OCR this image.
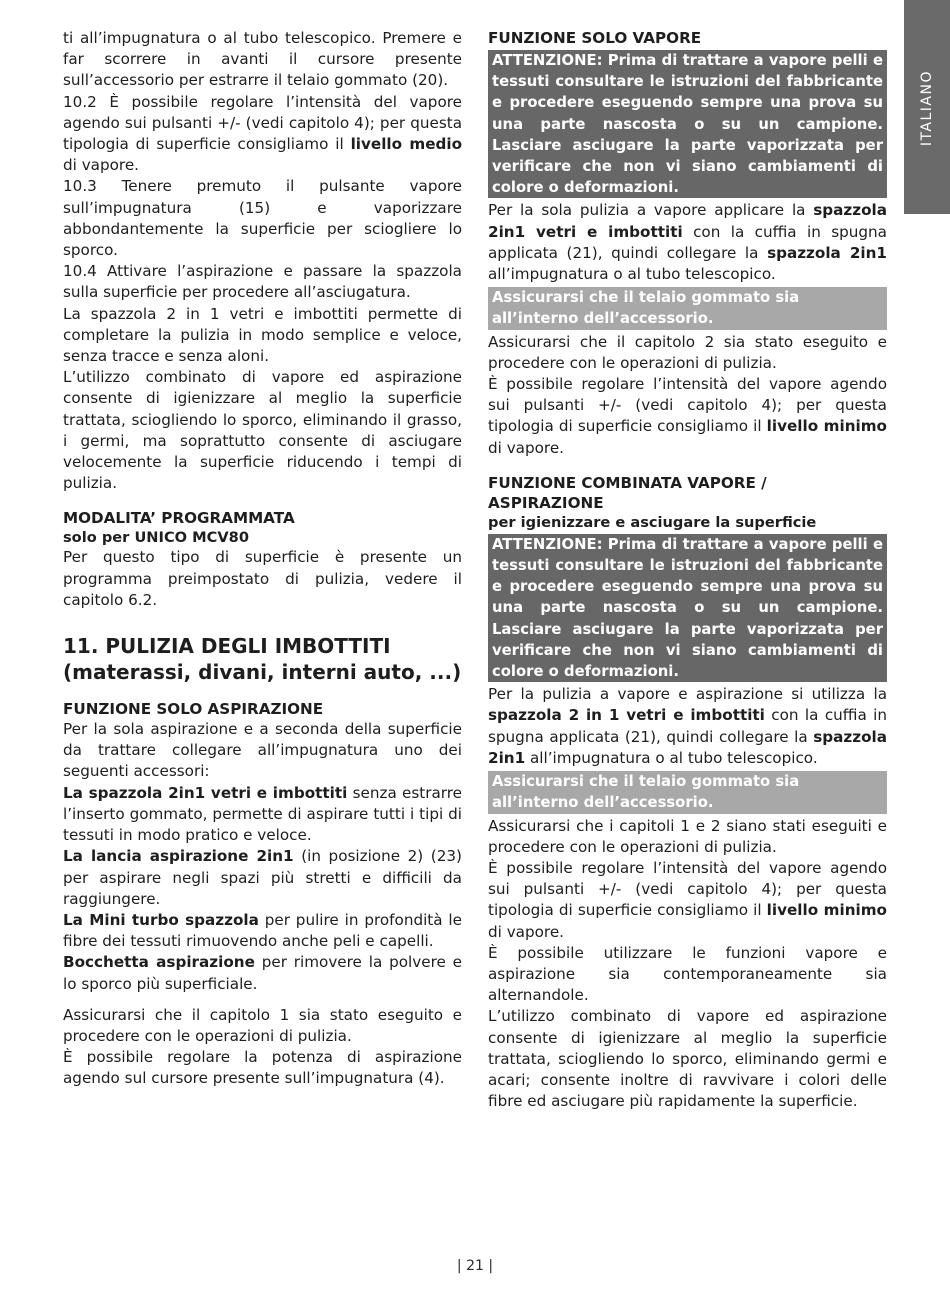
ti all’impugnatura o al tubo telescopico. Premere e far scorrere in avanti il cursore presente sull’accessorio per estrarre il telaio gommato (20).

10.2 È possibile regolare l’intensità del vapore agendo sui pulsanti +/- (vedi capitolo 4); per questa tipologia di superficie consigliamo il livello medio di vapore.

10.3 Tenere premuto il pulsante vapore sull’impugnatura (15) e vaporizzare abbondantemente la superficie per sciogliere lo sporco.

10.4 Attivare l’aspirazione e passare la spazzola sulla superficie per procedere all’asciugatura.

La spazzola 2 in 1 vetri e imbottiti permette di completare la pulizia in modo semplice e veloce, senza tracce e senza aloni.

L’utilizzo combinato di vapore ed aspirazione consente di igienizzare al meglio la superficie trattata, sciogliendo lo sporco, eliminando il grasso, i germi, ma soprattutto consente di asciugare velocemente la superficie riducendo i tempi di pulizia.

MODALITA’ PROGRAMMATA

solo per UNICO MCV80

Per questo tipo di superficie è presente un programma preimpostato di pulizia, vedere il capitolo 6.2.

11. PULIZIA DEGLI IMBOTTITI

(materassi, divani, interni auto, ...)

FUNZIONE SOLO ASPIRAZIONE

Per la sola aspirazione e a seconda della superficie da trattare collegare all’impugnatura uno dei seguenti accessori:

La spazzola 2in1 vetri e imbottiti senza estrarre l’inserto gommato, permette di aspirare tutti i tipi di tessuti in modo pratico e veloce.

La lancia aspirazione 2in1 (in posizione 2) (23) per aspirare negli spazi più stretti e difficili da raggiungere.

La Mini turbo spazzola per pulire in profondità le fibre dei tessuti rimuovendo anche peli e capelli.

Bocchetta aspirazione per rimovere la polvere e lo sporco più superficiale.

Assicurarsi che il capitolo 1 sia stato eseguito e procedere con le operazioni di pulizia.

È possibile regolare la potenza di aspirazione agendo sul cursore presente sull’impugnatura (4).

FUNZIONE SOLO VAPORE

ATTENZIONE: Prima di trattare a vapore pelli e tessuti consultare le istruzioni del fabbricante e procedere eseguendo sempre una prova su una parte nascosta o su un campione. Lasciare asciugare la parte vaporizzata per verificare che non vi siano cambiamenti di colore o deformazioni.

Per la sola pulizia a vapore applicare la spazzola 2in1 vetri e imbottiti con la cuffia in spugna applicata (21), quindi collegare la spazzola 2in1 all’impugnatura o al tubo telescopico.

Assicurarsi che il telaio gommato sia all’interno dell’accessorio.

Assicurarsi che il capitolo 2 sia stato eseguito e procedere con le operazioni di pulizia.

È possibile regolare l’intensità del vapore agendo sui pulsanti +/- (vedi capitolo 4); per questa tipologia di superficie consigliamo il livello minimo di vapore.

FUNZIONE COMBINATA VAPORE / ASPIRAZIONE

per igienizzare e asciugare la superficie

ATTENZIONE: Prima di trattare a vapore pelli e tessuti consultare le istruzioni del fabbricante e procedere eseguendo sempre una prova su una parte nascosta o su un campione. Lasciare asciugare la parte vaporizzata per verificare che non vi siano cambiamenti di colore o deformazioni.

Per la pulizia a vapore e aspirazione si utilizza la spazzola 2 in 1 vetri e imbottiti con la cuffia in spugna applicata (21), quindi collegare la spazzola 2in1 all’impugnatura o al tubo telescopico.

Assicurarsi che il telaio gommato sia all’interno dell’accessorio.

Assicurarsi che i capitoli 1 e 2 siano stati eseguiti e procedere con le operazioni di pulizia.

È possibile regolare l’intensità del vapore agendo sui pulsanti +/- (vedi capitolo 4); per questa tipologia di superficie consigliamo il livello minimo di vapore.

È possibile utilizzare le funzioni vapore e aspirazione sia contemporaneamente sia alternandole.

L’utilizzo combinato di vapore ed aspirazione consente di igienizzare al meglio la superficie trattata, sciogliendo lo sporco, eliminando germi e acari; consente inoltre di ravvivare i colori delle fibre ed asciugare più rapidamente la superficie.

ITALIANO
| 21 |
